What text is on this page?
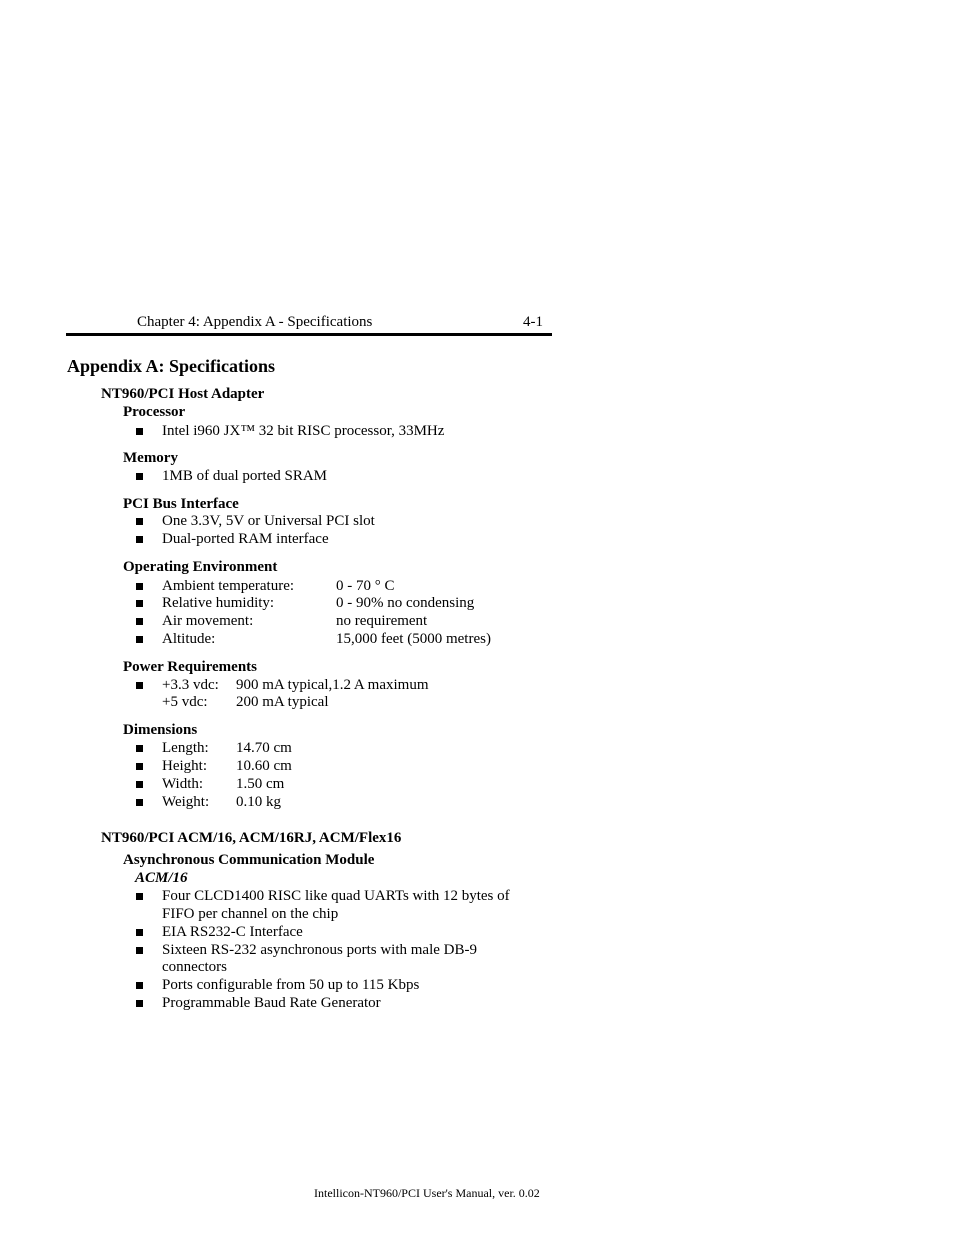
Chapter 4: Appendix A - Specifications	4-1
Appendix A: Specifications
NT960/PCI Host Adapter
Processor
Intel i960 JX™ 32 bit RISC processor, 33MHz
Memory
1MB of dual ported SRAM
PCI Bus Interface
One 3.3V, 5V or Universal PCI slot
Dual-ported RAM interface
Operating Environment
Ambient temperature:	0 - 70 ° C
Relative humidity:	0 - 90% no condensing
Air movement:	no requirement
Altitude:	15,000 feet (5000 metres)
Power Requirements
+3.3 vdc: 900 mA typical,1.2 A maximum
+5 vdc: 200 mA typical
Dimensions
Length: 14.70 cm
Height: 10.60 cm
Width: 1.50 cm
Weight: 0.10 kg
NT960/PCI ACM/16, ACM/16RJ, ACM/Flex16
Asynchronous Communication Module
ACM/16
Four CLCD1400 RISC like quad UARTs with 12 bytes of
FIFO per channel on the chip
EIA RS232-C Interface
Sixteen RS-232 asynchronous ports with male DB-9
connectors
Ports configurable from 50 up to 115 Kbps
Programmable Baud Rate Generator
Intellicon-NT960/PCI User's Manual, ver. 0.02
